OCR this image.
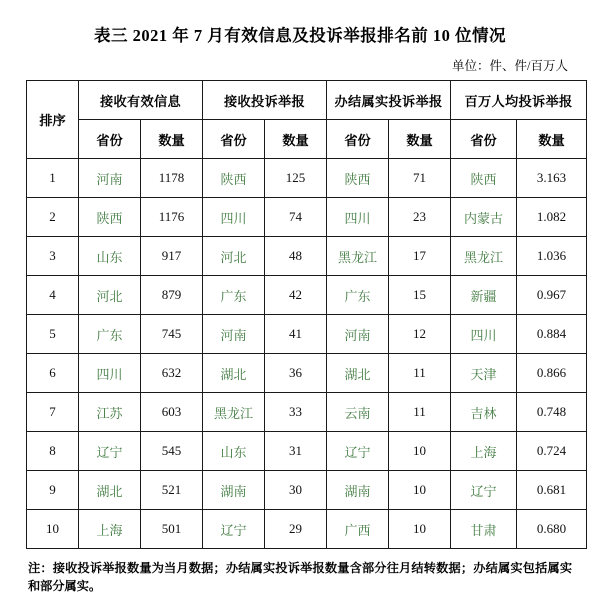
表三 2021 年 7 月有效信息及投诉举报排名前 10 位情况
单位：件、件/百万人
排序	接收有效信息		接收投诉举报		办结属实投诉举报		百万人均投诉举报	
	省份	数量	省份	数量	省份	数量	省份	数量
1	河南	1178	陕西	125	陕西	71	陕西	3.163
2	陕西	1176	四川	74	四川	23	内蒙古	1.082
3	山东	917	河北	48	黑龙江	17	黑龙江	1.036
4	河北	879	广东	42	广东	15	新疆	0.967
5	广东	745	河南	41	河南	12	四川	0.884
6	四川	632	湖北	36	湖北	11	天津	0.866
7	江苏	603	黑龙江	33	云南	11	吉林	0.748
8	辽宁	545	山东	31	辽宁	10	上海	0.724
9	湖北	521	湖南	30	湖南	10	辽宁	0.681
10	上海	501	辽宁	29	广西	10	甘肃	0.680
注：接收投诉举报数量为当月数据；办结属实投诉举报数量含部分往月结转数据；办结属实包括属实和部分属实。
